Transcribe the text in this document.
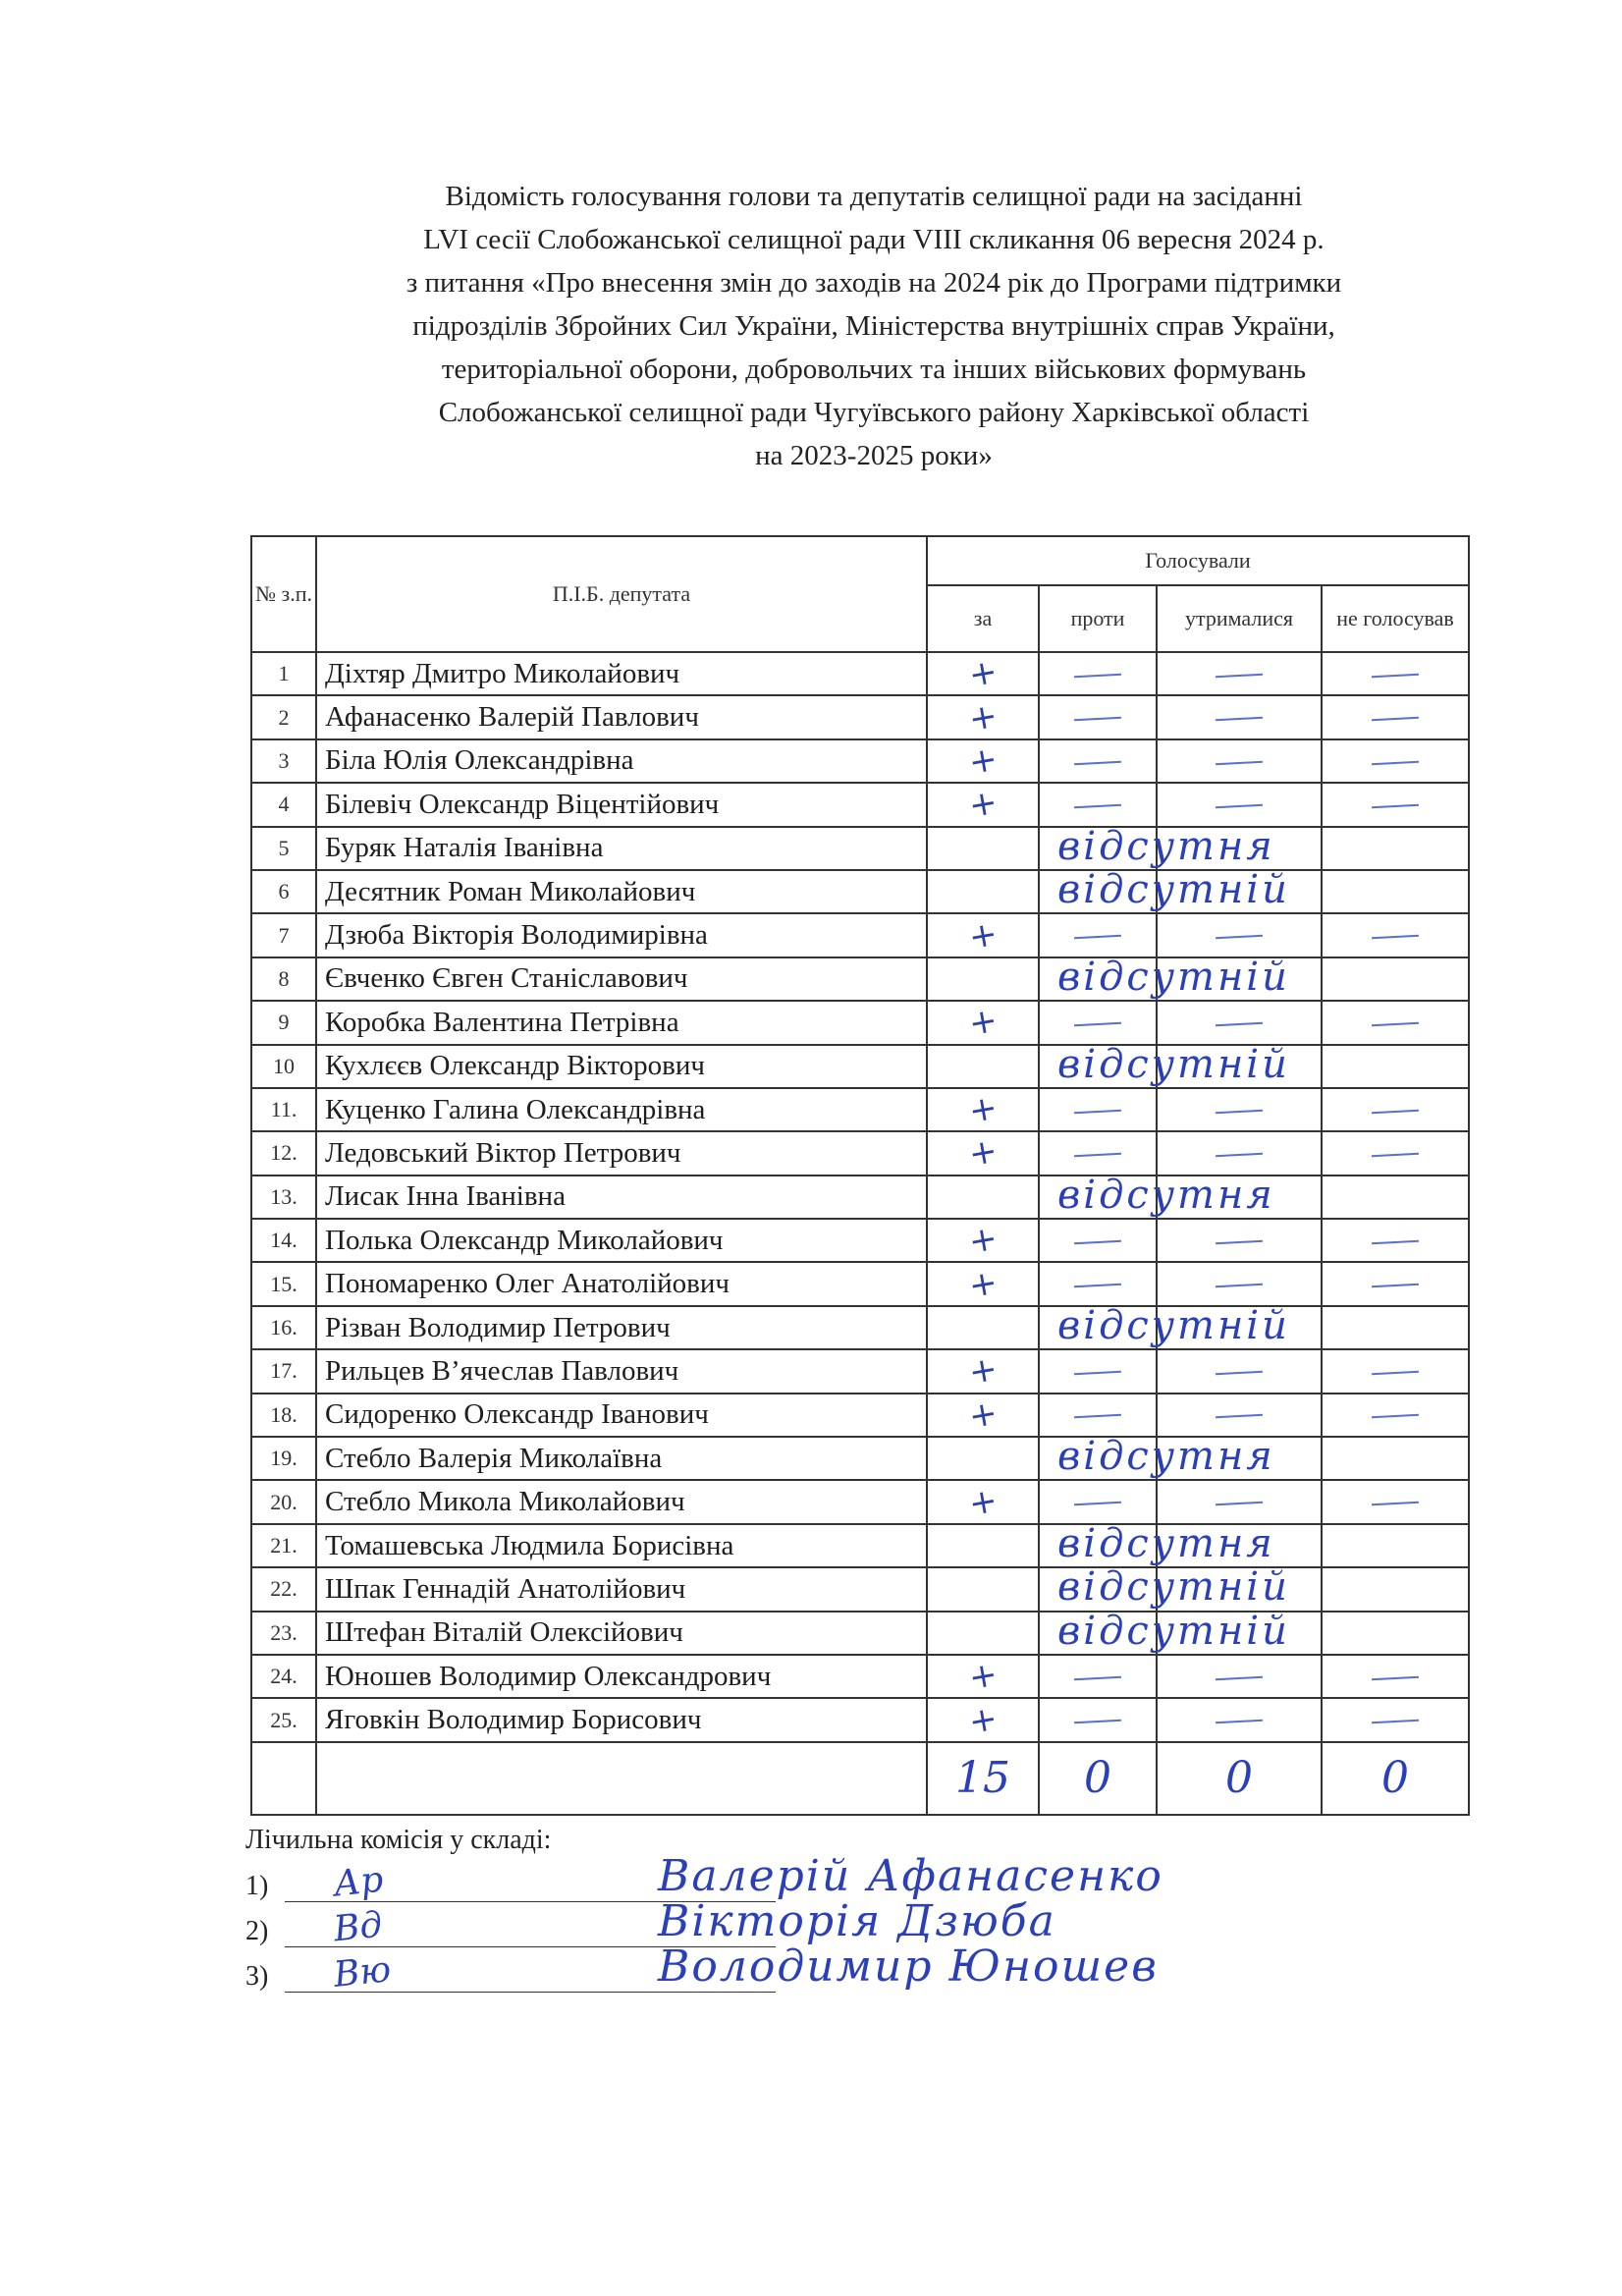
Відомість голосування голови та депутатів селищної ради на засіданні
LVI сесії Слобожанської селищної ради VIII скликання 06 вересня 2024 р.
з питання «Про внесення змін до заходів на 2024 рік до Програми підтримки
підрозділів Збройних Сил України, Міністерства внутрішніх справ України,
територіальної оборони, добровольчих та інших військових формувань
Слобожанської селищної ради Чугуївського району Харківської області
на 2023-2025 роки»
№ з.п.	П.І.Б. депутата	Голосували			
		за	проти	утрималися	не голосував
1	Діхтяр Дмитро Миколайович	+			
2	Афанасенко Валерій Павлович	+			
3	Біла Юлія Олександрівна	+			
4	Білевіч Олександр Віцентійович	+			
5	Буряк Наталія Іванівна		відсутня		

6	Десятник Роман Миколайович		відсутній		

7	Дзюба Вікторія Володимирівна	+			
8	Євченко Євген Станіславович		відсутній		

9	Коробка Валентина Петрівна	+			
10	Кухлєєв Олександр Вікторович		відсутній		

11.	Куценко Галина Олександрівна	+			
12.	Ледовський Віктор Петрович	+			
13.	Лисак Інна Іванівна		відсутня		

14.	Полька Олександр Миколайович	+			
15.	Пономаренко Олег Анатолійович	+			
16.	Різван Володимир Петрович		відсутній		

17.	Рильцев В’ячеслав Павлович	+			
18.	Сидоренко Олександр Іванович	+			
19.	Стебло Валерія Миколаївна		відсутня		

20.	Стебло Микола Миколайович	+			
21.	Томашевська Людмила Борисівна		відсутня		

22.	Шпак Геннадій Анатолійович		відсутній		

23.	Штефан Віталій Олексійович		відсутній		

24.	Юношев Володимир Олександрович	+			
25.	Яговкін Володимир Борисович	+			
		15	0	0	0
Лічильна комісія у складі:
1) Ар	Валерій Афанасенко
2) Вд	Вікторія Дзюба
3) Вю	Володимир Юношев
